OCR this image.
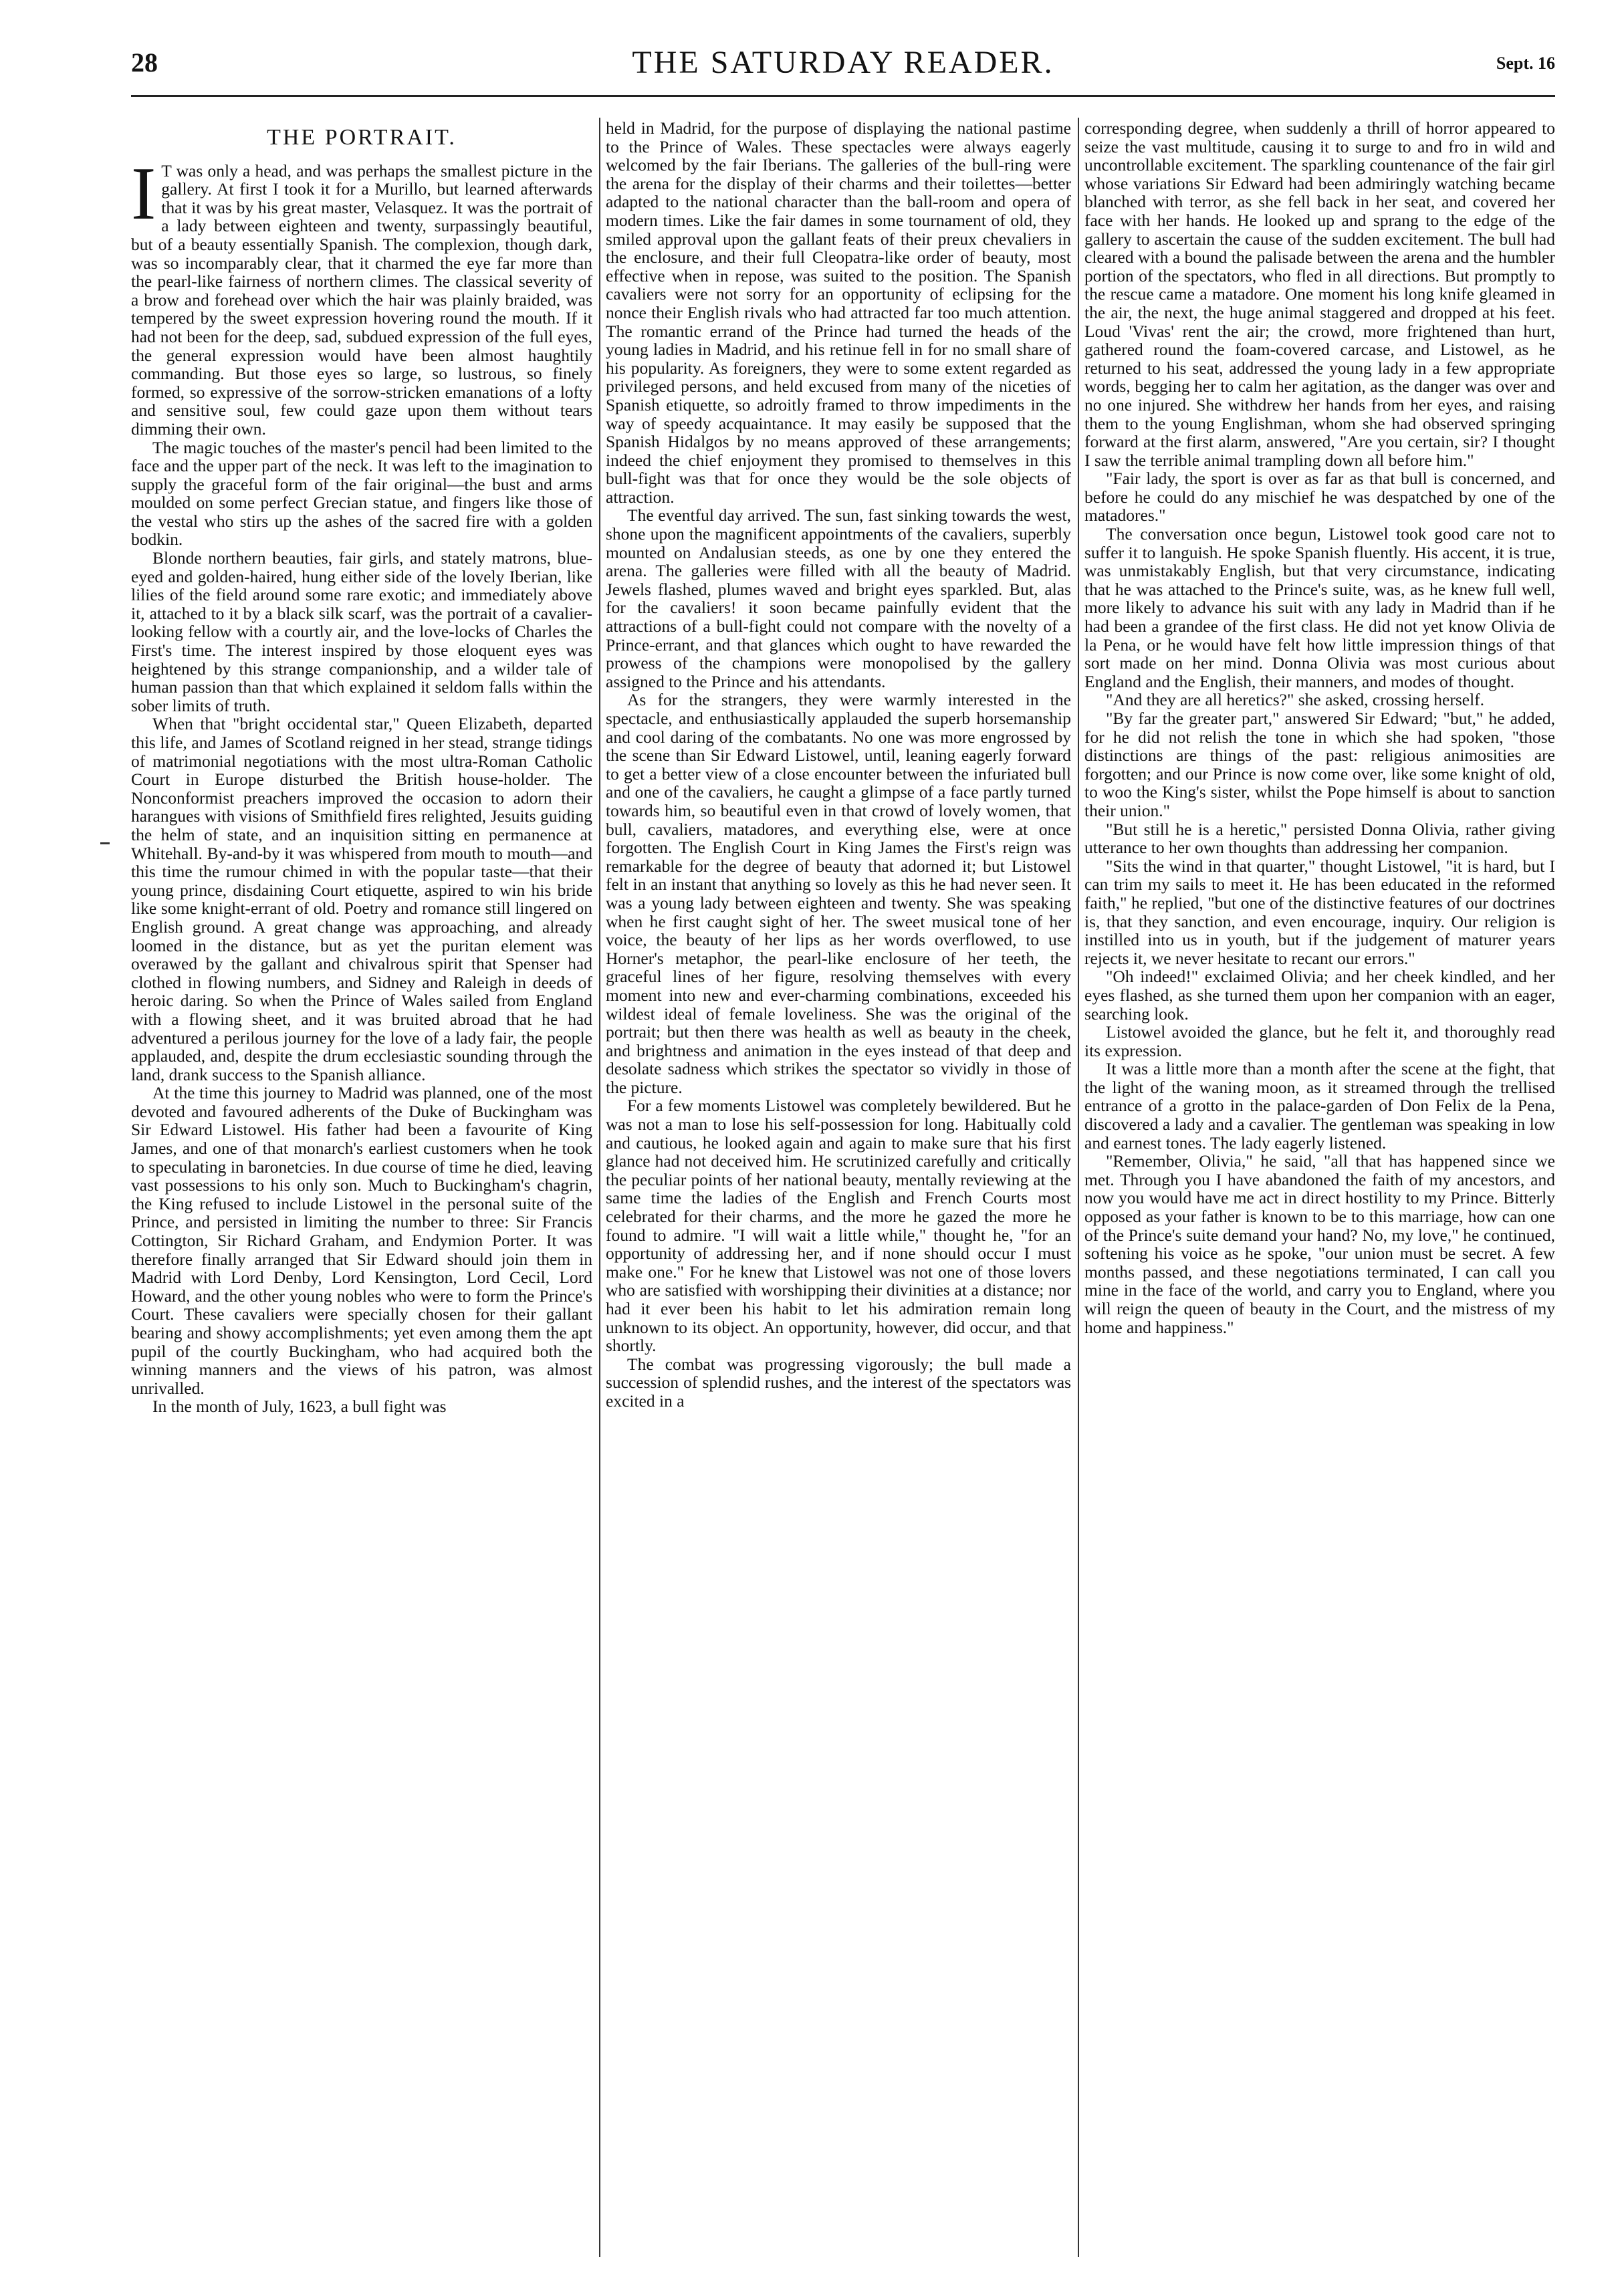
28	THE SATURDAY READER.	Sept. 16
THE PORTRAIT.

I T was only a head, and was perhaps the smallest picture in the gallery. At first I took it for a Murillo, but learned afterwards that it was by his great master, Velasquez. It was the portrait of a lady between eighteen and twenty, surpassingly beautiful, but of a beauty essentially Spanish. The complexion, though dark, was so incomparably clear, that it charmed the eye far more than the pearl-like fairness of northern climes. The classical severity of a brow and forehead over which the hair was plainly braided, was tempered by the sweet expression hovering round the mouth. If it had not been for the deep, sad, subdued expression of the full eyes, the general expression would have been almost haughtily commanding. But those eyes so large, so lustrous, so finely formed, so expressive of the sorrow-stricken emanations of a lofty and sensitive soul, few could gaze upon them without tears dimming their own.

The magic touches of the master's pencil had been limited to the face and the upper part of the neck. It was left to the imagination to supply the graceful form of the fair original—the bust and arms moulded on some perfect Grecian statue, and fingers like those of the vestal who stirs up the ashes of the sacred fire with a golden bodkin.

Blonde northern beauties, fair girls, and stately matrons, blue-eyed and golden-haired, hung either side of the lovely Iberian, like lilies of the field around some rare exotic; and immediately above it, attached to it by a black silk scarf, was the portrait of a cavalier-looking fellow with a courtly air, and the love-locks of Charles the First's time. The interest inspired by those eloquent eyes was heightened by this strange companionship, and a wilder tale of human passion than that which explained it seldom falls within the sober limits of truth.

When that "bright occidental star," Queen Elizabeth, departed this life, and James of Scotland reigned in her stead, strange tidings of matrimonial negotiations with the most ultra-Roman Catholic Court in Europe disturbed the British house-holder. The Nonconformist preachers improved the occasion to adorn their harangues with visions of Smithfield fires relighted, Jesuits guiding the helm of state, and an inquisition sitting en permanence at Whitehall. By-and-by it was whispered from mouth to mouth—and this time the rumour chimed in with the popular taste—that their young prince, disdaining Court etiquette, aspired to win his bride like some knight-errant of old. Poetry and romance still lingered on English ground. A great change was approaching, and already loomed in the distance, but as yet the puritan element was overawed by the gallant and chivalrous spirit that Spenser had clothed in flowing numbers, and Sidney and Raleigh in deeds of heroic daring. So when the Prince of Wales sailed from England with a flowing sheet, and it was bruited abroad that he had adventured a perilous journey for the love of a lady fair, the people applauded, and, despite the drum ecclesiastic sounding through the land, drank success to the Spanish alliance.

At the time this journey to Madrid was planned, one of the most devoted and favoured adherents of the Duke of Buckingham was Sir Edward Listowel. His father had been a favourite of King James, and one of that monarch's earliest customers when he took to speculating in baronetcies. In due course of time he died, leaving vast possessions to his only son. Much to Buckingham's chagrin, the King refused to include Listowel in the personal suite of the Prince, and persisted in limiting the number to three: Sir Francis Cottington, Sir Richard Graham, and Endymion Porter. It was therefore finally arranged that Sir Edward should join them in Madrid with Lord Denby, Lord Kensington, Lord Cecil, Lord Howard, and the other young nobles who were to form the Prince's Court. These cavaliers were specially chosen for their gallant bearing and showy accomplishments; yet even among them the apt pupil of the courtly Buckingham, who had acquired both the winning manners and the views of his patron, was almost unrivalled.

In the month of July, 1623, a bull fight was

held in Madrid, for the purpose of displaying the national pastime to the Prince of Wales. These spectacles were always eagerly welcomed by the fair Iberians. The galleries of the bull-ring were the arena for the display of their charms and their toilettes—better adapted to the national character than the ball-room and opera of modern times. Like the fair dames in some tournament of old, they smiled approval upon the gallant feats of their preux chevaliers in the enclosure, and their full Cleopatra-like order of beauty, most effective when in repose, was suited to the position. The Spanish cavaliers were not sorry for an opportunity of eclipsing for the nonce their English rivals who had attracted far too much attention. The romantic errand of the Prince had turned the heads of the young ladies in Madrid, and his retinue fell in for no small share of his popularity. As foreigners, they were to some extent regarded as privileged persons, and held excused from many of the niceties of Spanish etiquette, so adroitly framed to throw impediments in the way of speedy acquaintance. It may easily be supposed that the Spanish Hidalgos by no means approved of these arrangements; indeed the chief enjoyment they promised to themselves in this bull-fight was that for once they would be the sole objects of attraction.

The eventful day arrived. The sun, fast sinking towards the west, shone upon the magnificent appointments of the cavaliers, superbly mounted on Andalusian steeds, as one by one they entered the arena. The galleries were filled with all the beauty of Madrid. Jewels flashed, plumes waved and bright eyes sparkled. But, alas for the cavaliers! it soon became painfully evident that the attractions of a bull-fight could not compare with the novelty of a Prince-errant, and that glances which ought to have rewarded the prowess of the champions were monopolised by the gallery assigned to the Prince and his attendants.

As for the strangers, they were warmly interested in the spectacle, and enthusiastically applauded the superb horsemanship and cool daring of the combatants. No one was more engrossed by the scene than Sir Edward Listowel, until, leaning eagerly forward to get a better view of a close encounter between the infuriated bull and one of the cavaliers, he caught a glimpse of a face partly turned towards him, so beautiful even in that crowd of lovely women, that bull, cavaliers, matadores, and everything else, were at once forgotten. The English Court in King James the First's reign was remarkable for the degree of beauty that adorned it; but Listowel felt in an instant that anything so lovely as this he had never seen. It was a young lady between eighteen and twenty. She was speaking when he first caught sight of her. The sweet musical tone of her voice, the beauty of her lips as her words overflowed, to use Horner's metaphor, the pearl-like enclosure of her teeth, the graceful lines of her figure, resolving themselves with every moment into new and ever-charming combinations, exceeded his wildest ideal of female loveliness. She was the original of the portrait; but then there was health as well as beauty in the cheek, and brightness and animation in the eyes instead of that deep and desolate sadness which strikes the spectator so vividly in those of the picture.

For a few moments Listowel was completely bewildered. But he was not a man to lose his self-possession for long. Habitually cold and cautious, he looked again and again to make sure that his first glance had not deceived him. He scrutinized carefully and critically the peculiar points of her national beauty, mentally reviewing at the same time the ladies of the English and French Courts most celebrated for their charms, and the more he gazed the more he found to admire. "I will wait a little while," thought he, "for an opportunity of addressing her, and if none should occur I must make one." For he knew that Listowel was not one of those lovers who are satisfied with worshipping their divinities at a distance; nor had it ever been his habit to let his admiration remain long unknown to its object. An opportunity, however, did occur, and that shortly.

The combat was progressing vigorously; the bull made a succession of splendid rushes, and the interest of the spectators was excited in a

corresponding degree, when suddenly a thrill of horror appeared to seize the vast multitude, causing it to surge to and fro in wild and uncontrollable excitement. The sparkling countenance of the fair girl whose variations Sir Edward had been admiringly watching became blanched with terror, as she fell back in her seat, and covered her face with her hands. He looked up and sprang to the edge of the gallery to ascertain the cause of the sudden excitement. The bull had cleared with a bound the palisade between the arena and the humbler portion of the spectators, who fled in all directions. But promptly to the rescue came a matadore. One moment his long knife gleamed in the air, the next, the huge animal staggered and dropped at his feet. Loud 'Vivas' rent the air; the crowd, more frightened than hurt, gathered round the foam-covered carcase, and Listowel, as he returned to his seat, addressed the young lady in a few appropriate words, begging her to calm her agitation, as the danger was over and no one injured. She withdrew her hands from her eyes, and raising them to the young Englishman, whom she had observed springing forward at the first alarm, answered, "Are you certain, sir? I thought I saw the terrible animal trampling down all before him."

"Fair lady, the sport is over as far as that bull is concerned, and before he could do any mischief he was despatched by one of the matadores."

The conversation once begun, Listowel took good care not to suffer it to languish. He spoke Spanish fluently. His accent, it is true, was unmistakably English, but that very circumstance, indicating that he was attached to the Prince's suite, was, as he knew full well, more likely to advance his suit with any lady in Madrid than if he had been a grandee of the first class. He did not yet know Olivia de la Pena, or he would have felt how little impression things of that sort made on her mind. Donna Olivia was most curious about England and the English, their manners, and modes of thought.

"And they are all heretics?" she asked, crossing herself.

"By far the greater part," answered Sir Edward; "but," he added, for he did not relish the tone in which she had spoken, "those distinctions are things of the past: religious animosities are forgotten; and our Prince is now come over, like some knight of old, to woo the King's sister, whilst the Pope himself is about to sanction their union."

"But still he is a heretic," persisted Donna Olivia, rather giving utterance to her own thoughts than addressing her companion.

"Sits the wind in that quarter," thought Listowel, "it is hard, but I can trim my sails to meet it. He has been educated in the reformed faith," he replied, "but one of the distinctive features of our doctrines is, that they sanction, and even encourage, inquiry. Our religion is instilled into us in youth, but if the judgement of maturer years rejects it, we never hesitate to recant our errors."

"Oh indeed!" exclaimed Olivia; and her cheek kindled, and her eyes flashed, as she turned them upon her companion with an eager, searching look.

Listowel avoided the glance, but he felt it, and thoroughly read its expression.

It was a little more than a month after the scene at the fight, that the light of the waning moon, as it streamed through the trellised entrance of a grotto in the palace-garden of Don Felix de la Pena, discovered a lady and a cavalier. The gentleman was speaking in low and earnest tones. The lady eagerly listened.

"Remember, Olivia," he said, "all that has happened since we met. Through you I have abandoned the faith of my ancestors, and now you would have me act in direct hostility to my Prince. Bitterly opposed as your father is known to be to this marriage, how can one of the Prince's suite demand your hand? No, my love," he continued, softening his voice as he spoke, "our union must be secret. A few months passed, and these negotiations terminated, I can call you mine in the face of the world, and carry you to England, where you will reign the queen of beauty in the Court, and the mistress of my home and happiness."
